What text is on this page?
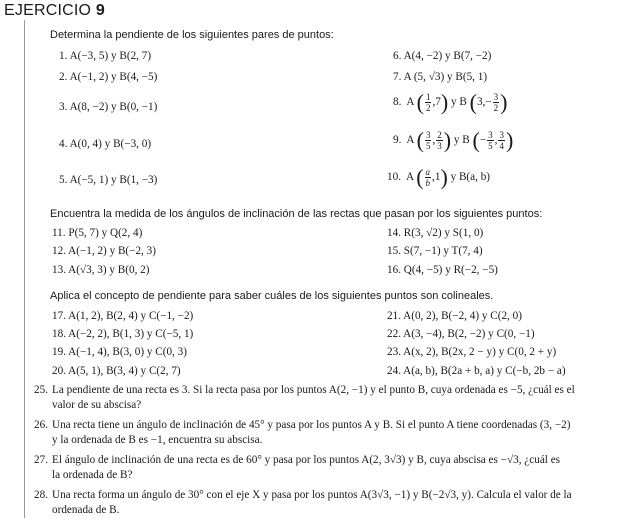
EJERCICIO 9
Determina la pendiente de los siguientes pares de puntos:
1. A(−3, 5) y B(2, 7)
2. A(−1, 2) y B(4, −5)
3. A(8, −2) y B(0, −1)
4. A(0, 4) y B(−3, 0)
5. A(−5, 1) y B(1, −3)
6. A(4, −2) y B(7, −2)
7. A (5, √3) y B(5, 1)
8.  A ( $\frac{1}{2} ,7$) y B ($3,- \frac{3}{2}$ )
9.  A ( $\frac{3}{5}$ , $\frac{2}{3}$ ) y B (− $\frac{3}{5}$ , $\frac{3}{4}$ )
10.  A ( $\frac{a}{b} ,1$) y B(a, b)
Encuentra la medida de los ángulos de inclinación de las rectas que pasan por los siguientes puntos:
11. P(5, 7) y Q(2, 4)
12. A(−1, 2) y B(−2, 3)
13. A(√3, 3) y B(0, 2)
14. R(3, √2) y S(1, 0)
15. S(7, −1) y T(7, 4)
16. Q(4, −5) y R(−2, −5)
Aplica el concepto de pendiente para saber cuáles de los siguientes puntos son colineales.
17. A(1, 2), B(2, 4) y C(−1, −2)
18. A(−2, 2), B(1, 3) y C(−5, 1)
19. A(−1, 4), B(3, 0) y C(0, 3)
20. A(5, 1), B(3, 4) y C(2, 7)
21. A(0, 2), B(−2, 4) y C(2, 0)
22. A(3, −4), B(2, −2) y C(0, −1)
23. A(x, 2), B(2x, 2 − y) y C(0, 2 + y)
24. A(a, b), B(2a + b, a) y C(−b, 2b − a)
25. La pendiente de una recta es 3. Si la recta pasa por los puntos A(2, −1) y el punto B, cuya ordenada es −5, ¿cuál es el
valor de su abscisa?
26. Una recta tiene un ángulo de inclinación de 45° y pasa por los puntos A y B. Si el punto A tiene coordenadas (3, −2)
y la ordenada de B es −1, encuentra su abscisa.
27. El ángulo de inclinación de una recta es de 60° y pasa por los puntos A(2, 3√3) y B, cuya abscisa es −√3, ¿cuál es
la ordenada de B?
28. Una recta forma un ángulo de 30° con el eje X y pasa por los puntos A(3√3, −1) y B(−2√3, y). Calcula el valor de la
ordenada de B.
